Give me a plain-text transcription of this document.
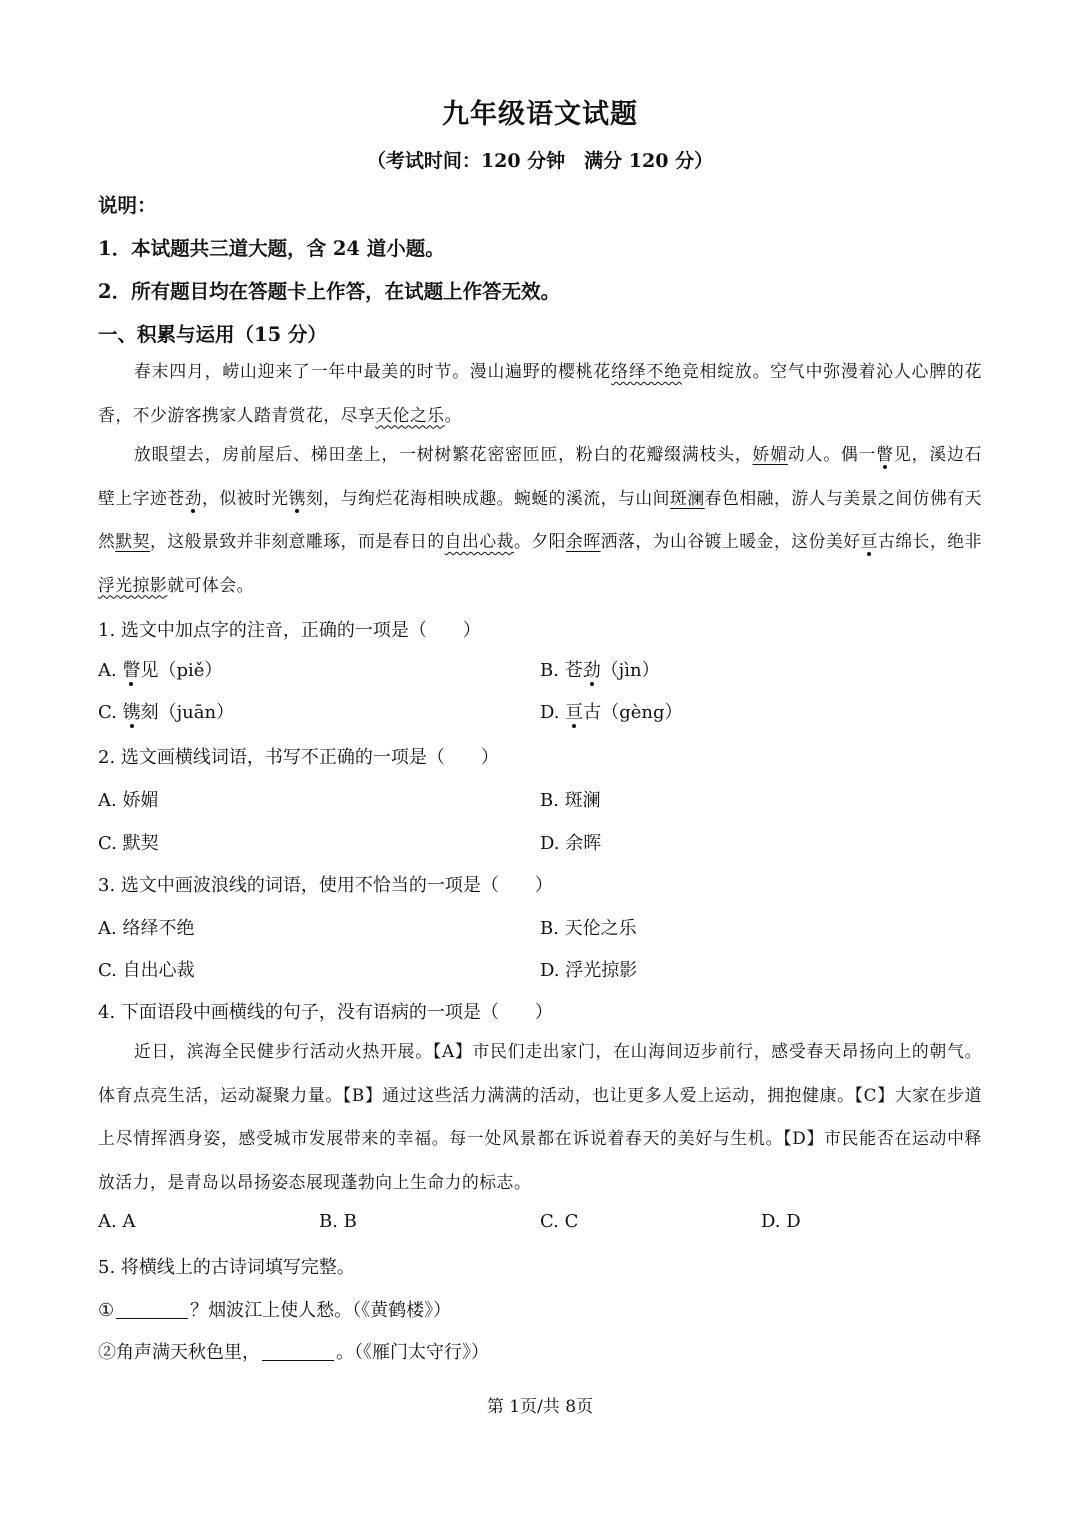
九年级语文试题
（考试时间：120 分钟　满分 120 分）
说明：
1．本试题共三道大题，含 24 道小题。
2．所有题目均在答题卡上作答，在试题上作答无效。
一、积累与运用（15 分）
春末四月，崂山迎来了一年中最美的时节。漫山遍野的樱桃花络绎不绝竞相绽放。空气中弥漫着沁人心脾的花香，不少游客携家人踏青赏花，尽享天伦之乐。
放眼望去，房前屋后、梯田垄上，一树树繁花密密匝匝，粉白的花瓣缀满枝头，娇媚动人。偶一瞥见，溪边石壁上字迹苍劲，似被时光镌刻，与绚烂花海相映成趣。蜿蜒的溪流，与山间斑澜春色相融，游人与美景之间仿佛有天然默契，这般景致并非刻意雕琢，而是春日的自出心裁。夕阳余晖洒落，为山谷镀上暖金，这份美好亘古绵长，绝非浮光掠影就可体会。
1. 选文中加点字的注音，正确的一项是（　　）
A. 瞥见（piě）	B. 苍劲（jìn）
C. 镌刻（juān）	D. 亘古（gèng）
2. 选文画横线词语，书写不正确的一项是（　　）
A. 娇媚	B. 斑澜
C. 默契	D. 余晖
3. 选文中画波浪线的词语，使用不恰当的一项是（　　）
A. 络绎不绝	B. 天伦之乐
C. 自出心裁	D. 浮光掠影
4. 下面语段中画横线的句子，没有语病的一项是（　　）
近日，滨海全民健步行活动火热开展。【A】市民们走出家门，在山海间迈步前行，感受春天昂扬向上的朝气。体育点亮生活，运动凝聚力量。【B】通过这些活力满满的活动，也让更多人爱上运动，拥抱健康。【C】大家在步道上尽情挥洒身姿，感受城市发展带来的幸福。每一处风景都在诉说着春天的美好与生机。【D】市民能否在运动中释放活力，是青岛以昂扬姿态展现蓬勃向上生命力的标志。
A. A	B. B	C. C	D. D
5. 将横线上的古诗词填写完整。
①	？烟波江上使人愁。（《黄鹤楼》）
②角声满天秋色里，	。（《雁门太守行》）
第 1页/共 8页
